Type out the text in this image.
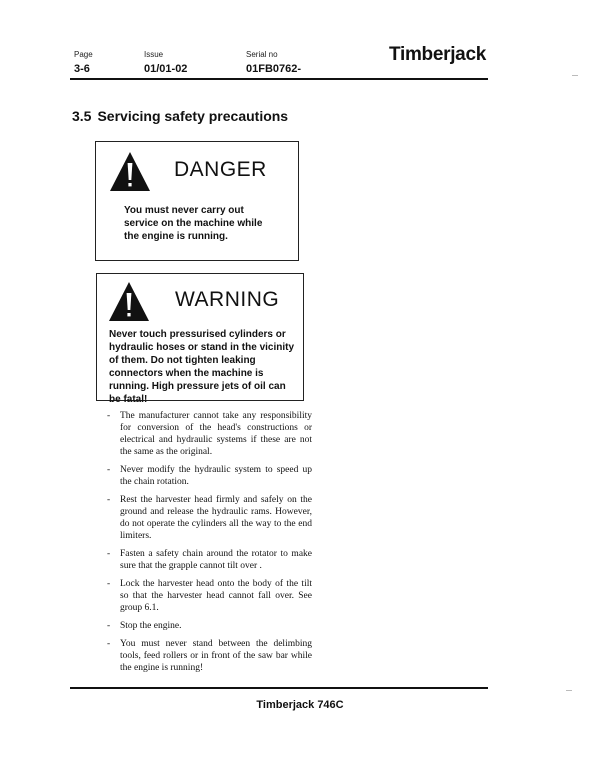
Page
3-6
Issue
01/01-02
Serial no
01FB0762-
Timberjack
3.5 Servicing safety precautions
DANGER
You must never carry out service on the machine while the engine is running.
WARNING
Never touch pressurised cylinders or hydraulic hoses or stand in the vicinity of them. Do not tighten leaking connectors when the machine is running. High pressure jets of oil can be fatal!
- The manufacturer cannot take any responsibility for conversion of the head's constructions or electrical and hydraulic systems if these are not the same as the original.
- Never modify the hydraulic system to speed up the chain rotation.
- Rest the harvester head firmly and safely on the ground and release the hydraulic rams. However, do not operate the cylinders all the way to the end limiters.
- Fasten a safety chain around the rotator to make sure that the grapple cannot tilt over .
- Lock the harvester head onto the body of the tilt so that the harvester head cannot fall over. See group 6.1.
- Stop the engine.
- You must never stand between the delimbing tools, feed rollers or in front of the saw bar while the engine is running!
Timberjack 746C
